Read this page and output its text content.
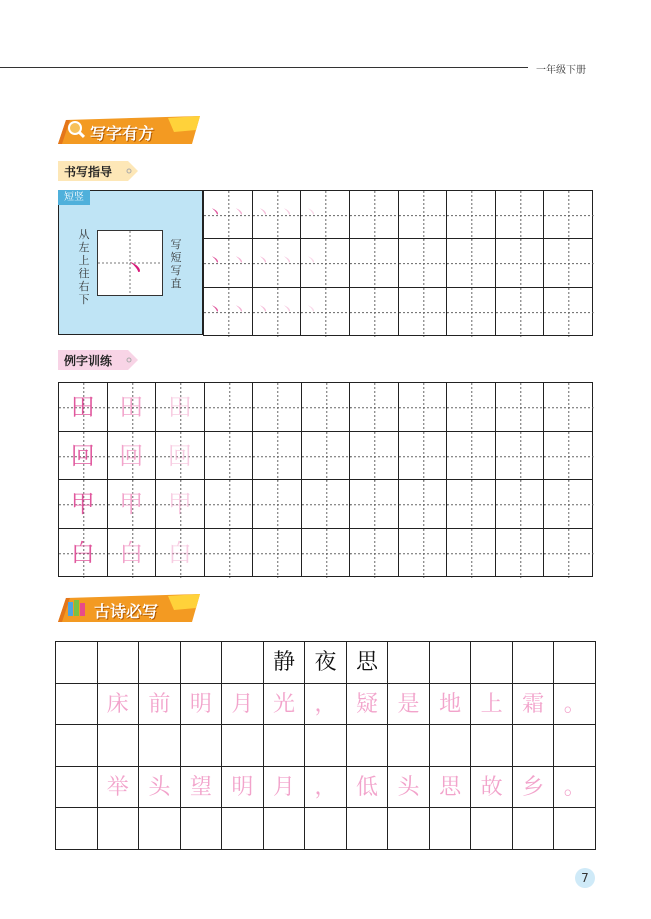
一年级下册
写字有方
书写指导
短竖
从
左
上
往
右
下
写
短
写
直
丶
丶 丶 丶 丶 丶
丶 丶 丶 丶 丶
丶 丶 丶 丶 丶
例字训练
田	田	田
回	回	回
甲	甲	甲
白	白	白
古诗必写
静 夜 思
床 前 明 月 光 ， 疑 是 地 上 霜 。
举 头 望 明 月 ， 低 头 思 故 乡 。
7
